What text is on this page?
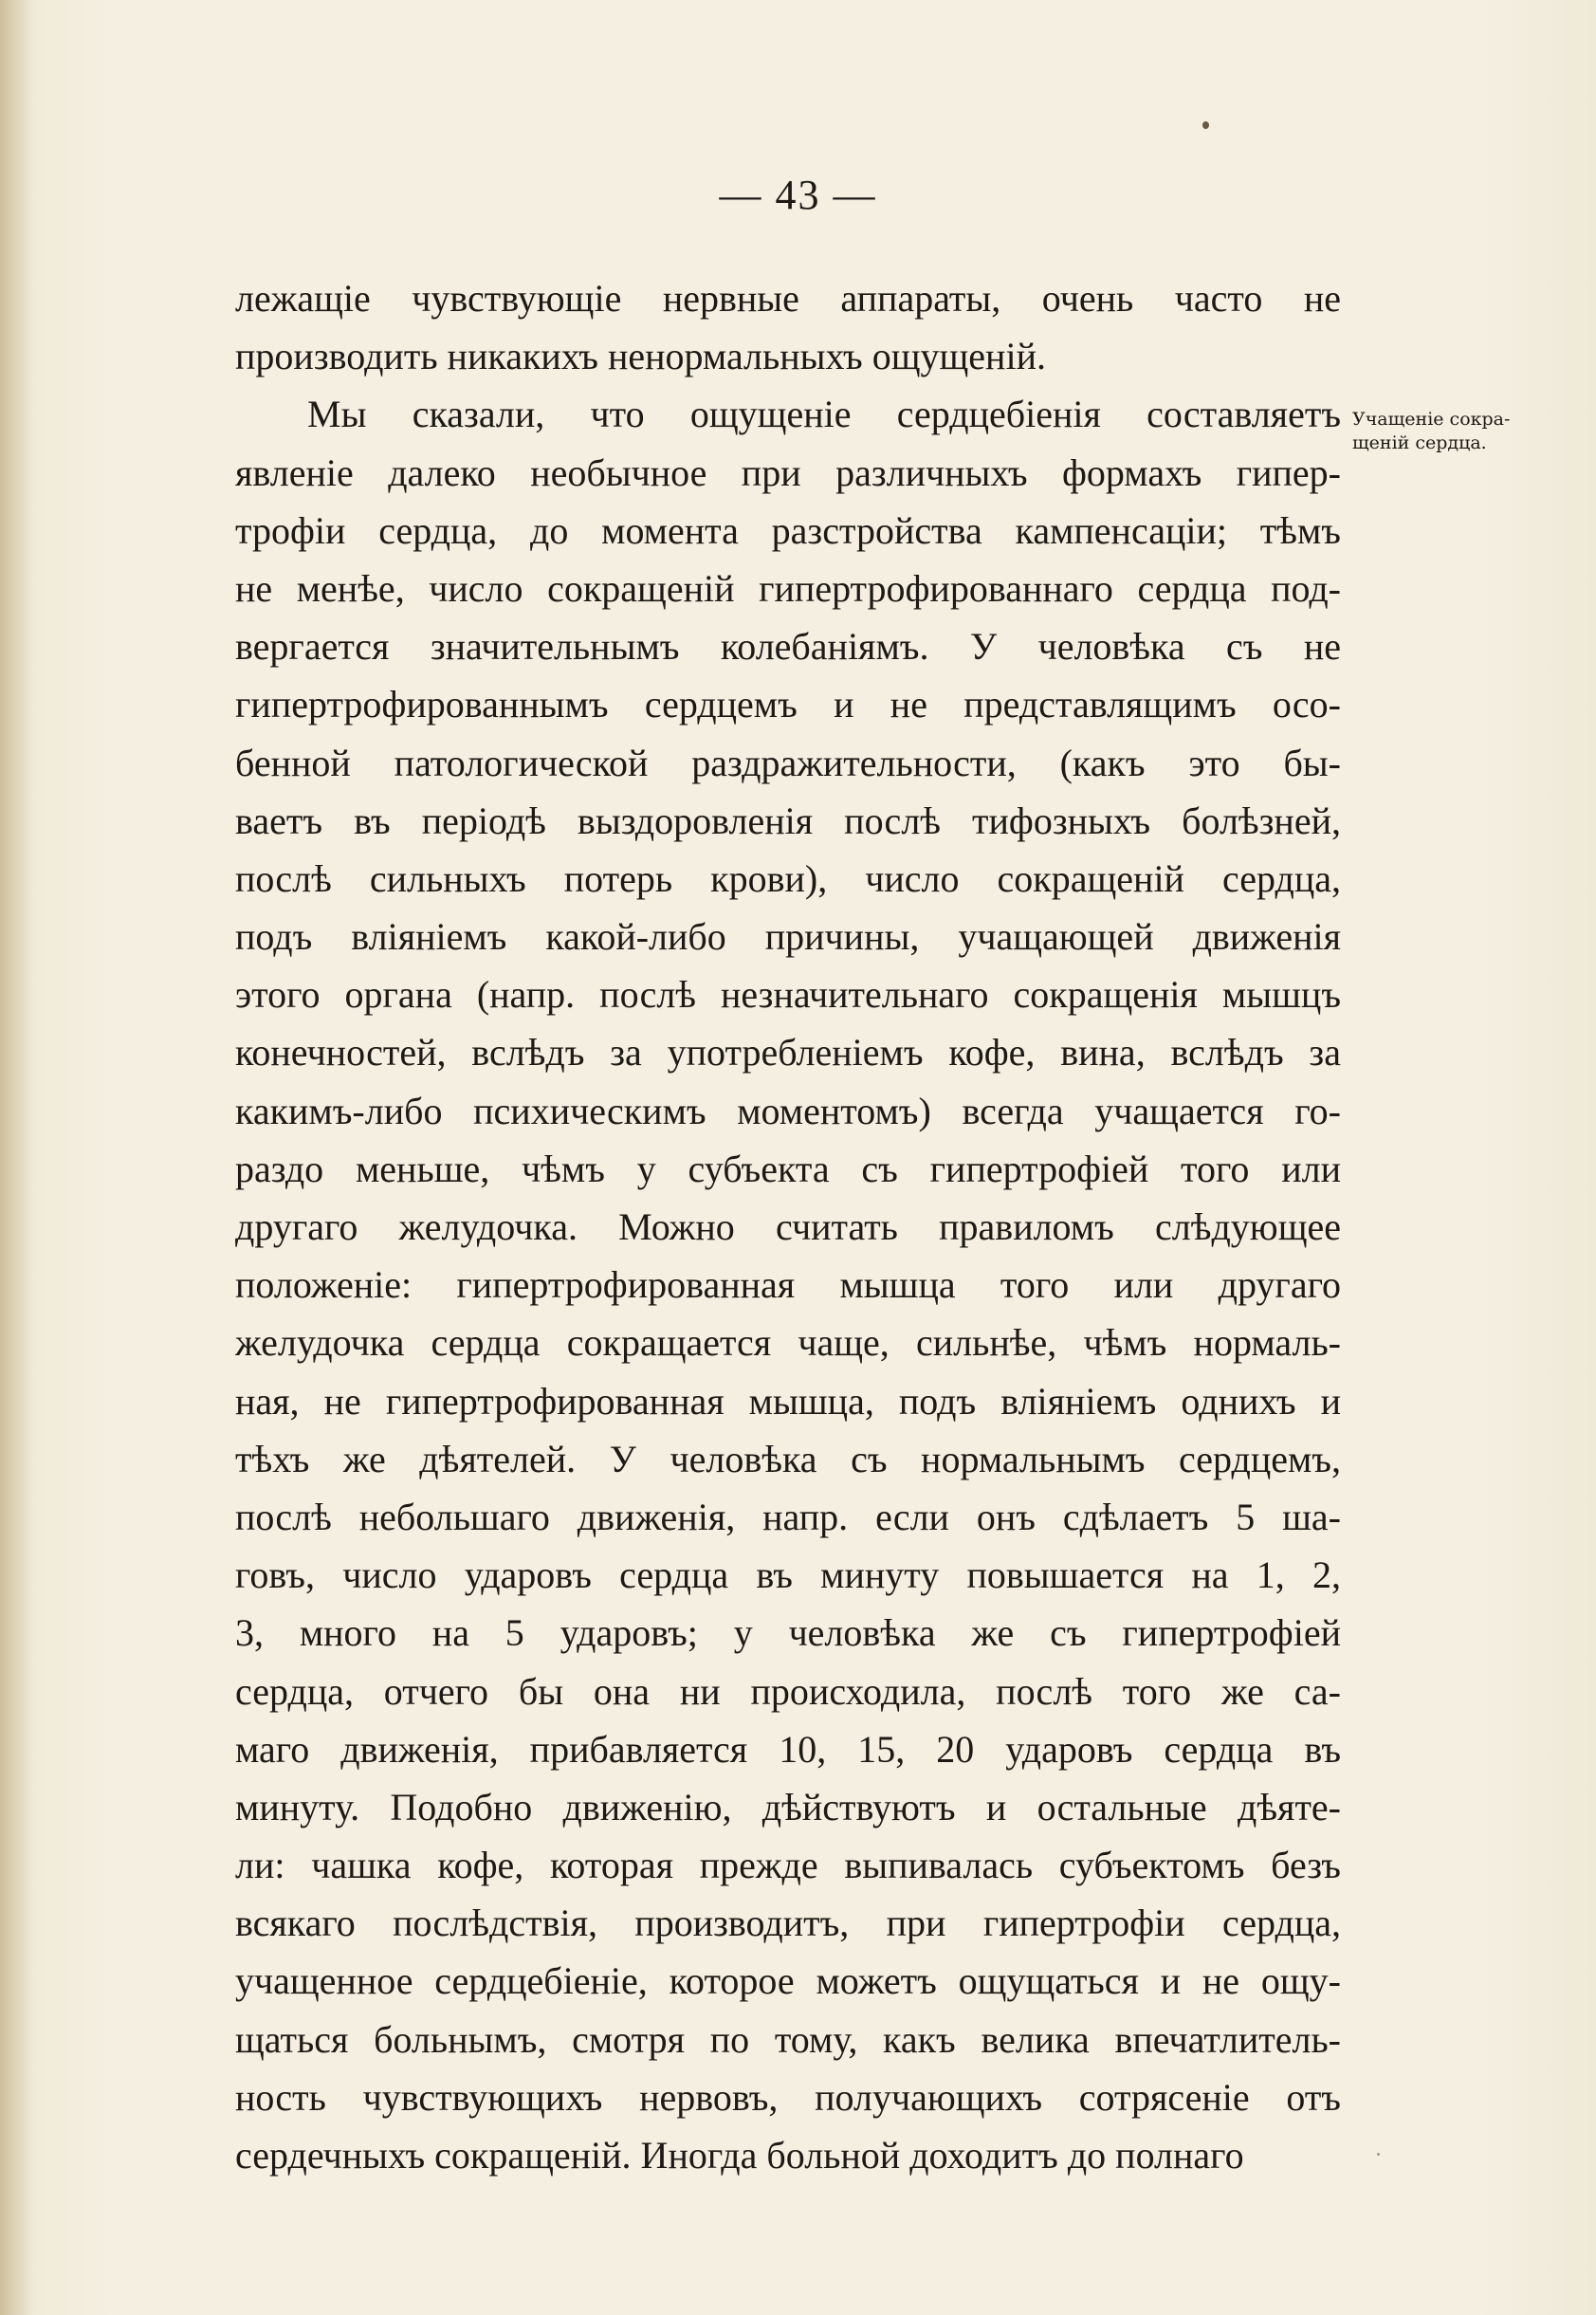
— 43 —
Учащеніе сокра-
щеній сердца.
лежащіе чувствующіе нервные аппараты, очень часто не
производить никакихъ ненормальныхъ ощущеній.
Мы сказали, что ощущеніе сердцебіенія составляетъ
явленіе далеко необычное при различныхъ формахъ гипер-
трофіи сердца, до момента разстройства кампенсаціи; тѣмъ
не менѣе, число сокращеній гипертрофированнаго сердца под-
вергается значительнымъ колебаніямъ. У человѣка съ не
гипертрофированнымъ сердцемъ и не представлящимъ осо-
бенной патологической раздражительности, (какъ это бы-
ваетъ въ періодѣ выздоровленія послѣ тифозныхъ болѣзней,
послѣ сильныхъ потерь крови), число сокращеній сердца,
подъ вліяніемъ какой-либо причины, учащающей движенія
этого органа (напр. послѣ незначительнаго сокращенія мышцъ
конечностей, вслѣдъ за употребленіемъ кофе, вина, вслѣдъ за
какимъ-либо психическимъ моментомъ) всегда учащается го-
раздо меньше, чѣмъ у субъекта съ гипертрофіей того или
другаго желудочка. Можно считать правиломъ слѣдующее
положеніе: гипертрофированная мышца того или другаго
желудочка сердца сокращается чаще, сильнѣе, чѣмъ нормаль-
ная, не гипертрофированная мышца, подъ вліяніемъ однихъ и
тѣхъ же дѣятелей. У человѣка съ нормальнымъ сердцемъ,
послѣ небольшаго движенія, напр. если онъ сдѣлаетъ 5 ша-
говъ, число ударовъ сердца въ минуту повышается на 1, 2,
3, много на 5 ударовъ; у человѣка же съ гипертрофіей
сердца, отчего бы она ни происходила, послѣ того же са-
маго движенія, прибавляется 10, 15, 20 ударовъ сердца въ
минуту. Подобно движенію, дѣйствуютъ и остальные дѣяте-
ли: чашка кофе, которая прежде выпивалась субъектомъ безъ
всякаго послѣдствія, производитъ, при гипертрофіи сердца,
учащенное сердцебіеніе, которое можетъ ощущаться и не ощу-
щаться больнымъ, смотря по тому, какъ велика впечатлитель-
ность чувствующихъ нервовъ, получающихъ сотрясеніе отъ
сердечныхъ сокращеній. Иногда больной доходитъ до полнаго
